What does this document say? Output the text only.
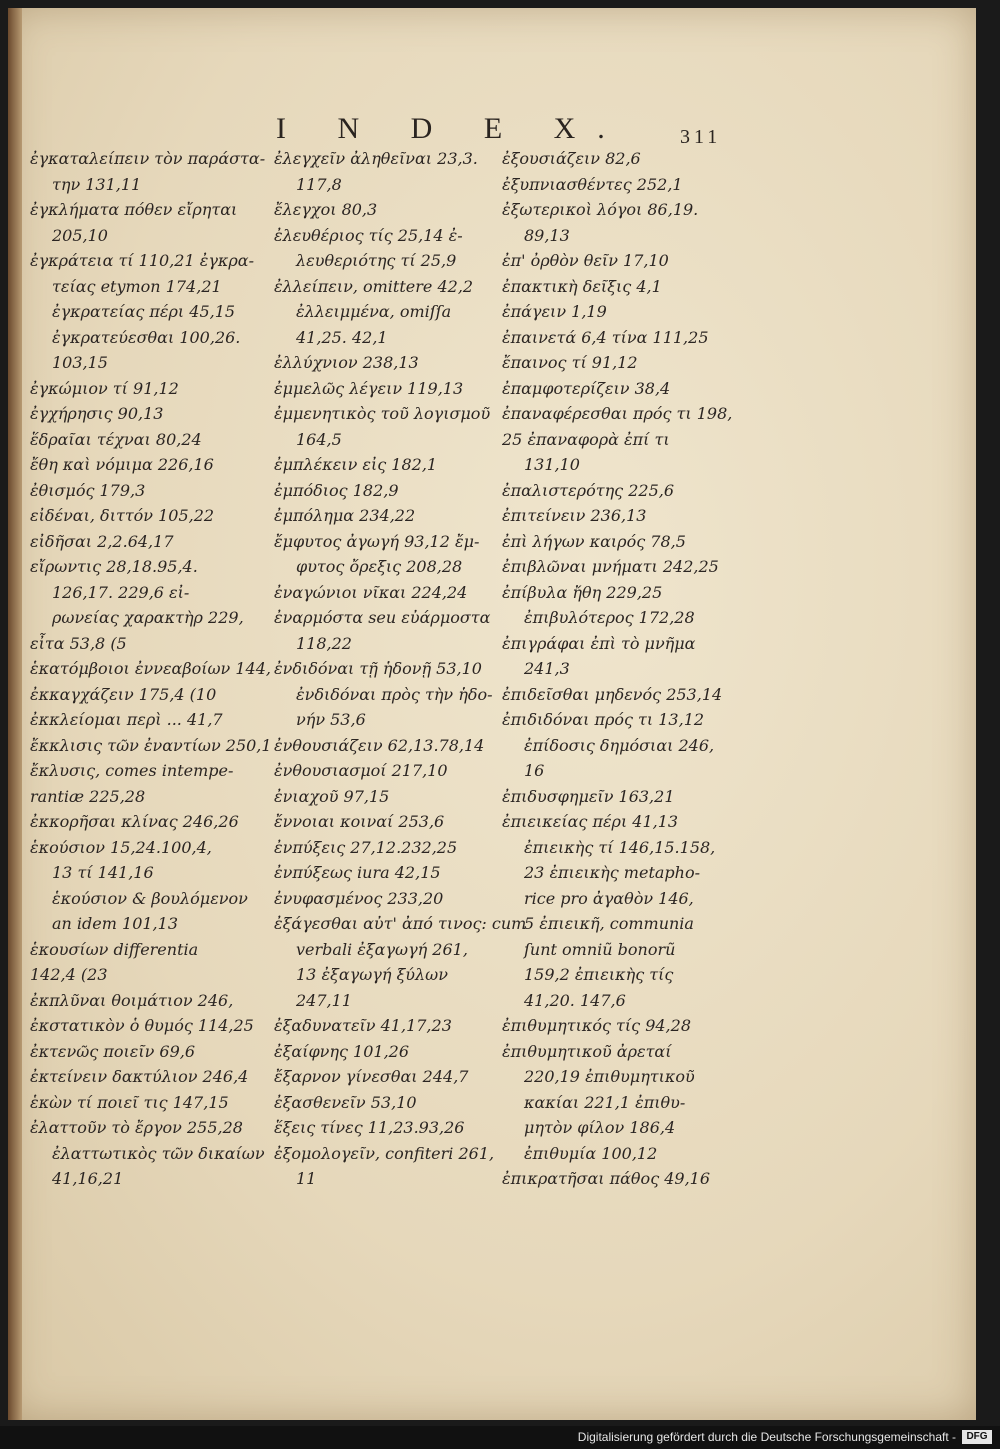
I N D E X.	311
ἐγκαταλείπειν τὸν παράστα-
την 131,11
ἐγκλήματα πόθεν εἴρηται
205,10
ἐγκράτεια τί 110,21 ἐγκρα-
τείας etymon 174,21
ἐγκρατείας πέρι 45,15
ἐγκρατεύεσθαι 100,26.
103,15
ἐγκώμιον τί 91,12
ἐγχήρησις 90,13
ἕδραῖαι τέχναι 80,24
ἔθη καὶ νόμιμα 226,16
ἐθισμός 179,3
εἰδέναι, διττόν 105,22
εἰδῆσαι 2,2.64,17
εἴρωντις 28,18.95,4.
126,17. 229,6 εἰ-
ρωνείας χαρακτὴρ 229,
εἶτα 53,8 (5
ἑκατόμβοιοι ἐννεαβοίων 144,
ἐκκαγχάζειν 175,4 (10
ἐκκλείομαι περὶ ... 41,7
ἔκκλισις τῶν ἐναντίων 250,1
ἔκλυσις, comes intempe-
rantiæ 225,28
ἐκκορῆσαι κλίνας 246,26
ἑκούσιον 15,24.100,4,
13 τί 141,16
ἑκούσιον & βουλόμενον
an idem 101,13
ἑκουσίων differentia
142,4 (23
ἐκπλῦναι θοιμάτιον 246,
ἐκστατικὸν ὁ θυμός 114,25
ἐκτενῶς ποιεῖν 69,6
ἐκτείνειν δακτύλιον 246,4
ἑκὼν τί ποιεῖ τις 147,15
ἐλαττοῦν τὸ ἔργον 255,28
ἐλαττωτικὸς τῶν δικαίων
41,16,21
ἐλεγχεῖν ἀληθεῖναι 23,3.
117,8
ἔλεγχοι 80,3
ἐλευθέριος τίς 25,14 ἐ-
λευθεριότης τί 25,9
ἐλλείπειν, omittere 42,2
ἐλλειμμένα, omiſſa
41,25. 42,1
ἐλλύχνιον 238,13
ἐμμελῶς λέγειν 119,13
ἐμμενητικὸς τοῦ λογισμοῦ
164,5
ἐμπλέκειν εἰς 182,1
ἐμπόδιος 182,9
ἐμπόλημα 234,22
ἔμφυτος ἀγωγή 93,12 ἔμ-
φυτος ὄρεξις 208,28
ἐναγώνιοι νῖκαι 224,24
ἐναρμόστα seu εὐάρμοστα
118,22
ἐνδιδόναι τῇ ἡδονῇ 53,10
ἐνδιδόναι πρὸς τὴν ἡδο-
νήν 53,6
ἐνθουσιάζειν 62,13.78,14
ἐνθουσιασμοί 217,10
ἐνιαχοῦ 97,15
ἔννοιαι κοιναί 253,6
ἐνπύξεις 27,12.232,25
ἐνπύξεως iura 42,15
ἐνυφασμένος 233,20
ἐξάγεσθαι αὐτ' ἀπό τινος: cum
verbali ἐξαγωγή 261,
13 ἐξαγωγή ξύλων
247,11
ἐξαδυνατεῖν 41,17,23
ἐξαίφνης 101,26
ἔξαρνον γίνεσθαι 244,7
ἐξασθενεῖν 53,10
ἕξεις τίνες 11,23.93,26
ἐξομολογεῖν, confiteri 261,
11
ἐξουσιάζειν 82,6
ἐξυπνιασθέντες 252,1
ἐξωτερικοὶ λόγοι 86,19.
89,13
ἐπ' ὀρθὸν θεῖν 17,10
ἐπακτικὴ δεῖξις 4,1
ἐπάγειν 1,19
ἐπαινετά 6,4 τίνα 111,25
ἔπαινος τί 91,12
ἐπαμφοτερίζειν 38,4
ἐπαναφέρεσθαι πρός τι 198,
25 ἐπαναφορὰ ἐπί τι
131,10
ἐπαλιστερότης 225,6
ἐπιτείνειν 236,13
ἐπὶ λήγων καιρός 78,5
ἐπιβλῶναι μνήματι 242,25
ἐπίβυλα ἤθη 229,25
ἐπιβυλότερος 172,28
ἐπιγράφαι ἐπὶ τὸ μνῆμα
241,3
ἐπιδεῖσθαι μηδενός 253,14
ἐπιδιδόναι πρός τι 13,12
ἐπίδοσις δημόσιαι 246,
16
ἐπιδυσφημεῖν 163,21
ἐπιεικείας πέρι 41,13
ἐπιεικὴς τί 146,15.158,
23 ἐπιεικὴς metapho-
rice pro ἀγαθὸν 146,
5 ἐπιεικῆ, communia
ſunt omniũ bonorũ
159,2 ἐπιεικὴς τίς
41,20. 147,6
ἐπιθυμητικός τίς 94,28
ἐπιθυμητικοῦ ἀρεταί
220,19 ἐπιθυμητικοῦ
κακίαι 221,1 ἐπιθυ-
μητὸν φίλον 186,4
ἐπιθυμία 100,12
ἐπικρατῆσαι πάθος 49,16
Digitalisierung gefördert durch die Deutsche Forschungsgemeinschaft -	DFG
